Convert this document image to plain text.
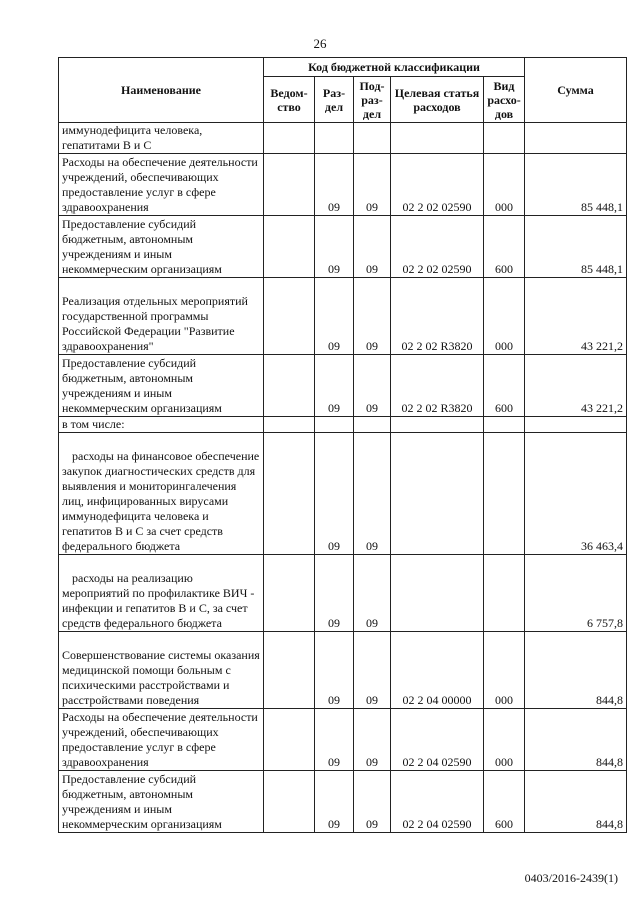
26
Наименование	Код бюджетной классификации					Сумма
	Ведом-ство	Раз-дел	Под-раз-дел	Целевая статья расходов	Вид расхо-дов	
иммунодефицита человека, гепатитами В и С						
Расходы на обеспечение деятельности учреждений, обеспечивающих предоставление услуг в сфере здравоохранения		09	09	02 2 02 02590	000	85 448,1
Предоставление субсидий бюджетным, автономным учреждениям и иным некоммерческим организациям		09	09	02 2 02 02590	600	85 448,1
Реализация отдельных мероприятий государственной программы Российской Федерации "Развитие здравоохранения"		09	09	02 2 02 R3820	000	43 221,2
Предоставление субсидий бюджетным, автономным учреждениям и иным некоммерческим организациям		09	09	02 2 02 R3820	600	43 221,2
в том числе:						
расходы на финансовое обеспечение закупок диагностических средств для выявления и мониторингалечения лиц, инфицированных вирусами иммунодефицита человека и гепатитов В и С за счет средств федерального бюджета		09	09			36 463,4
расходы на реализацию мероприятий по профилактике ВИЧ - инфекции и гепатитов В и С, за счет средств федерального бюджета		09	09			6 757,8
Совершенствование системы оказания медицинской помощи больным с психическими расстройствами и расстройствами поведения		09	09	02 2 04 00000	000	844,8
Расходы на обеспечение деятельности учреждений, обеспечивающих предоставление услуг в сфере здравоохранения		09	09	02 2 04 02590	000	844,8
Предоставление субсидий бюджетным, автономным учреждениям и иным некоммерческим организациям		09	09	02 2 04 02590	600	844,8
0403/2016-2439(1)
